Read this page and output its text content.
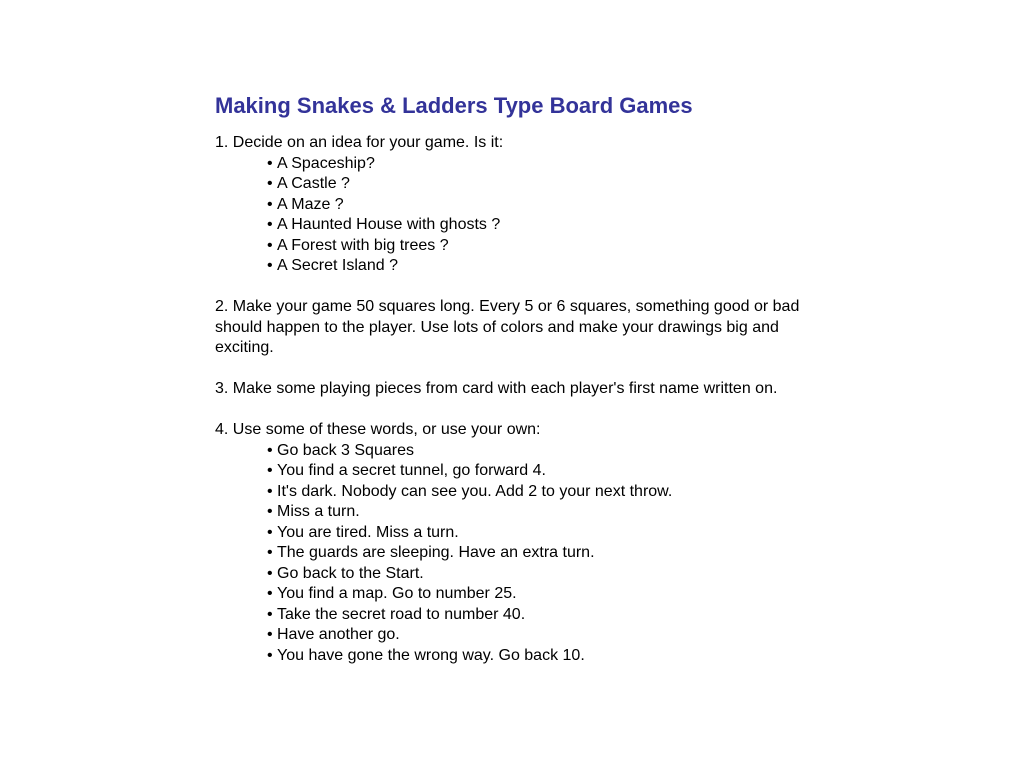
Making Snakes & Ladders Type Board Games
1. Decide on an idea for your game. Is it:
• A Spaceship?
• A Castle ?
• A Maze ?
• A Haunted House with ghosts ?
• A Forest with big trees ?
• A Secret Island ?
2. Make your game 50 squares long. Every 5 or 6 squares, something good or bad should happen to the player. Use lots of colors and make your drawings big and exciting.
3. Make some playing pieces from card with each player's first name written on.
4. Use some of these words, or use your own:
• Go back 3 Squares
• You find a secret tunnel, go forward 4.
• It's dark. Nobody can see you. Add 2 to your next throw.
• Miss a turn.
• You are tired. Miss a turn.
• The guards are sleeping. Have an extra turn.
• Go back to the Start.
• You find a map. Go to number 25.
• Take the secret road to number 40.
• Have another go.
• You have gone the wrong way. Go back 10.
